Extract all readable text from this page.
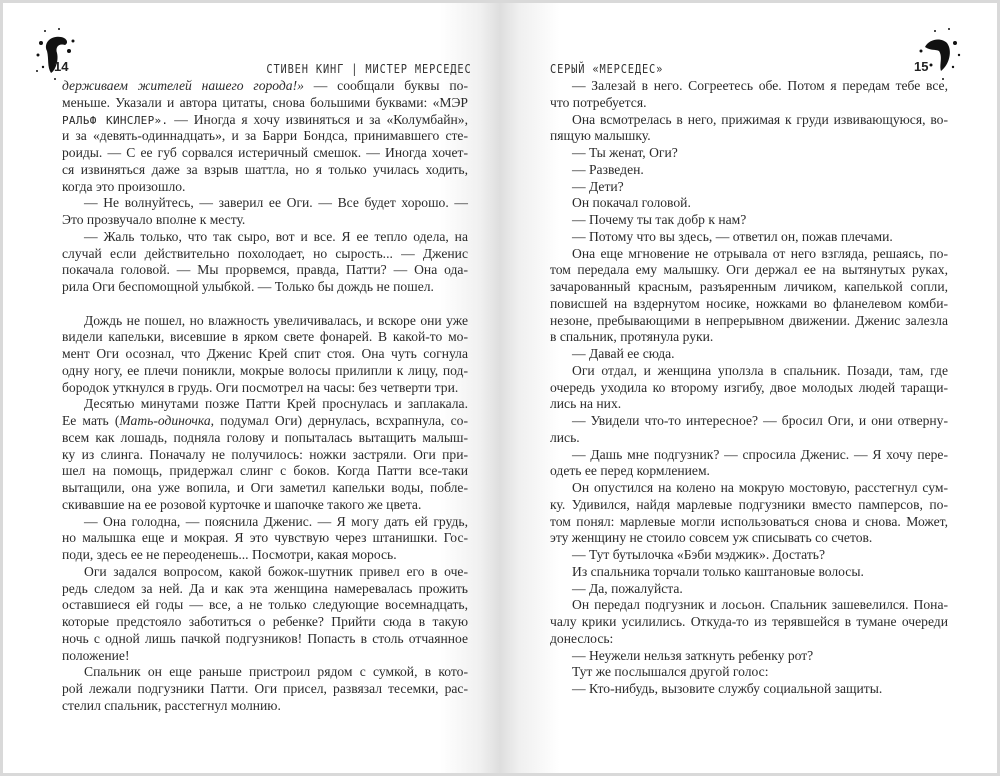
14	СТИВЕН КИНГ | МИСТЕР МЕРСЕДЕС
держиваем жителей нашего города!» — сообщали буквы по-
меньше. Указали и автора цитаты, снова большими буквами: «МЭР
РАЛЬФ КИНСЛЕР». — Иногда я хочу извиняться и за «Колумбайн»,
и за «девять-одиннадцать», и за Барри Бондса, принимавшего сте-
роиды. — С ее губ сорвался истеричный смешок. — Иногда хочет-
ся извиняться даже за взрыв шаттла, но я только училась ходить,
когда это произошло.
— Не волнуйтесь, — заверил ее Оги. — Все будет хорошо. —
Это прозвучало вполне к месту.
— Жаль только, что так сыро, вот и все. Я ее тепло одела, на
случай если действительно похолодает, но сырость... — Дженис
покачала головой. — Мы прорвемся, правда, Патти? — Она ода-
рила Оги беспомощной улыбкой. — Только бы дождь не пошел.
Дождь не пошел, но влажность увеличивалась, и вскоре они уже
видели капельки, висевшие в ярком свете фонарей. В какой-то мо-
мент Оги осознал, что Дженис Крей спит стоя. Она чуть согнула
одну ногу, ее плечи поникли, мокрые волосы прилипли к лицу, под-
бородок уткнулся в грудь. Оги посмотрел на часы: без четверти три.
Десятью минутами позже Патти Крей проснулась и заплакала.
Ее мать (Мать-одиночка, подумал Оги) дернулась, всхрапнула, со-
всем как лошадь, подняла голову и попыталась вытащить малыш-
ку из слинга. Поначалу не получилось: ножки застряли. Оги при-
шел на помощь, придержал слинг с боков. Когда Патти все-таки
вытащили, она уже вопила, и Оги заметил капельки воды, побле-
скивавшие на ее розовой курточке и шапочке такого же цвета.
— Она голодна, — пояснила Дженис. — Я могу дать ей грудь,
но малышка еще и мокрая. Я это чувствую через штанишки. Гос-
поди, здесь ее не переоденешь... Посмотри, какая морось.
Оги задался вопросом, какой божок-шутник привел его в оче-
редь следом за ней. Да и как эта женщина намеревалась прожить
оставшиеся ей годы — все, а не только следующие восемнадцать,
которые предстояло заботиться о ребенке? Прийти сюда в такую
ночь с одной лишь пачкой подгузников! Попасть в столь отчаянное
положение!
Спальник он еще раньше пристроил рядом с сумкой, в кото-
рой лежали подгузники Патти. Оги присел, развязал тесемки, рас-
стелил спальник, расстегнул молнию.
СЕРЫЙ «МЕРСЕДЕС»	15
— Залезай в него. Согреетесь обе. Потом я передам тебе все,
что потребуется.
Она всмотрелась в него, прижимая к груди извивающуюся, во-
пящую малышку.
— Ты женат, Оги?
— Разведен.
— Дети?
Он покачал головой.
— Почему ты так добр к нам?
— Потому что вы здесь, — ответил он, пожав плечами.
Она еще мгновение не отрывала от него взгляда, решаясь, по-
том передала ему малышку. Оги держал ее на вытянутых руках,
зачарованный красным, разъяренным личиком, капелькой сопли,
повисшей на вздернутом носике, ножками во фланелевом комби-
незоне, пребывающими в непрерывном движении. Дженис залезла
в спальник, протянула руки.
— Давай ее сюда.
Оги отдал, и женщина уползла в спальник. Позади, там, где
очередь уходила ко второму изгибу, двое молодых людей таращи-
лись на них.
— Увидели что-то интересное? — бросил Оги, и они отверну-
лись.
— Дашь мне подгузник? — спросила Дженис. — Я хочу пере-
одеть ее перед кормлением.
Он опустился на колено на мокрую мостовую, расстегнул сум-
ку. Удивился, найдя марлевые подгузники вместо памперсов, по-
том понял: марлевые могли использоваться снова и снова. Может,
эту женщину не стоило совсем уж списывать со счетов.
— Тут бутылочка «Бэби мэджик». Достать?
Из спальника торчали только каштановые волосы.
— Да, пожалуйста.
Он передал подгузник и лосьон. Спальник зашевелился. Пона-
чалу крики усилились. Откуда-то из терявшейся в тумане очереди
донеслось:
— Неужели нельзя заткнуть ребенку рот?
Тут же послышался другой голос:
— Кто-нибудь, вызовите службу социальной защиты.
